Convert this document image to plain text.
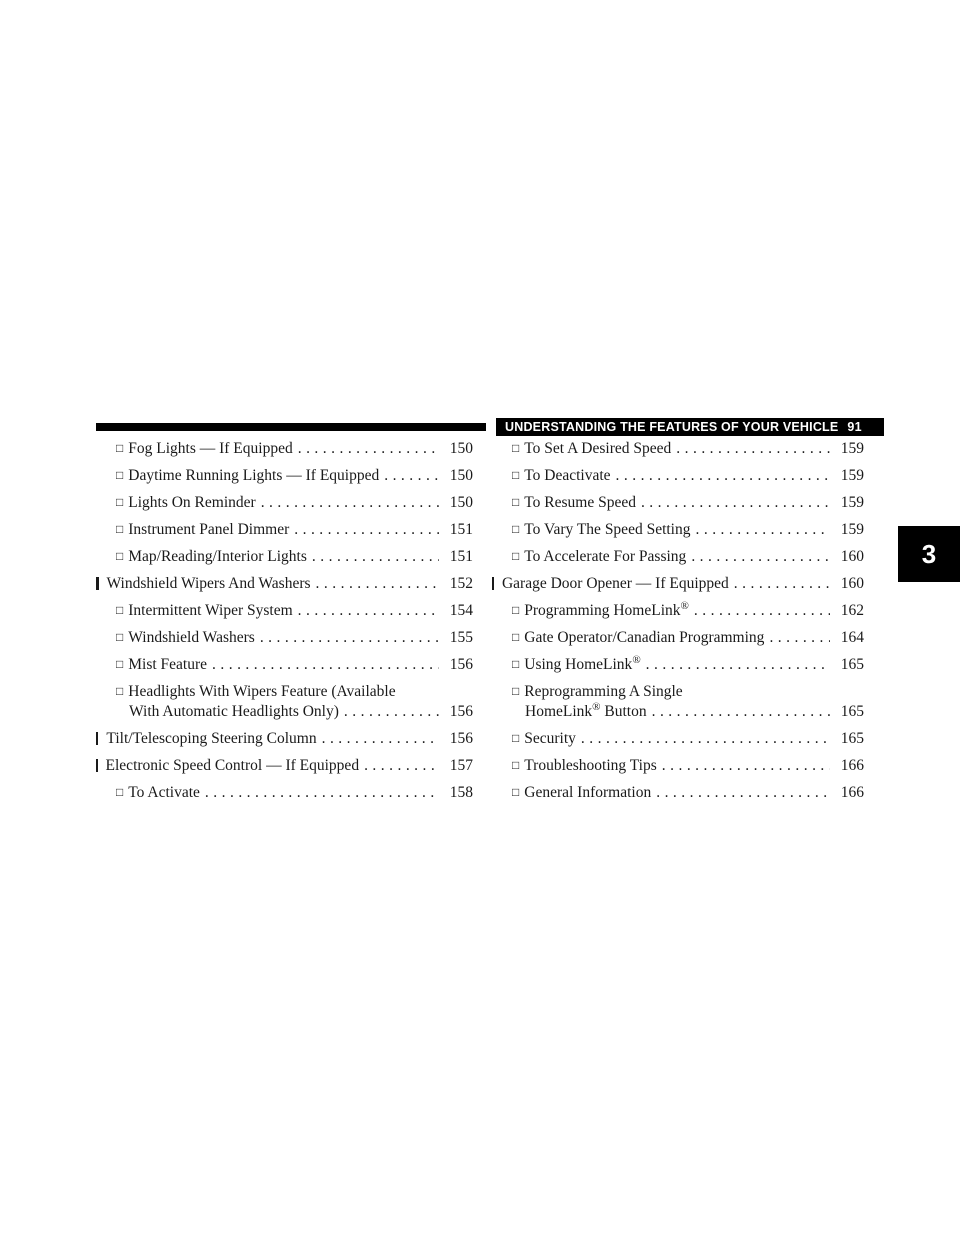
UNDERSTANDING THE FEATURES OF YOUR VEHICLE 91
3
□ Fog Lights — If Equipped . . .	150
□ Daytime Running Lights — If Equipped . . .	150
□ Lights On Reminder . . .	150
□ Instrument Panel Dimmer . . .	151
□ Map/Reading/Interior Lights . . .	151
Windshield Wipers And Washers . . .	152
□ Intermittent Wiper System . . .	154
□ Windshield Washers . . .	155
□ Mist Feature . . .	156
□ Headlights With Wipers Feature (Available
With Automatic Headlights Only) . . .	156
Tilt/Telescoping Steering Column . . .	156
Electronic Speed Control — If Equipped . . .	157
□ To Activate . . .	158
□ To Set A Desired Speed . . .	159
□ To Deactivate . . .	159
□ To Resume Speed . . .	159
□ To Vary The Speed Setting . . .	159
□ To Accelerate For Passing . . .	160
Garage Door Opener — If Equipped . . .	160
□ Programming HomeLink® . . .	162
□ Gate Operator/Canadian Programming . . .	164
□ Using HomeLink® . . .	165
□ Reprogramming A Single
HomeLink® Button . . .	165
□ Security . . .	165
□ Troubleshooting Tips . . .	166
□ General Information . . .	166
